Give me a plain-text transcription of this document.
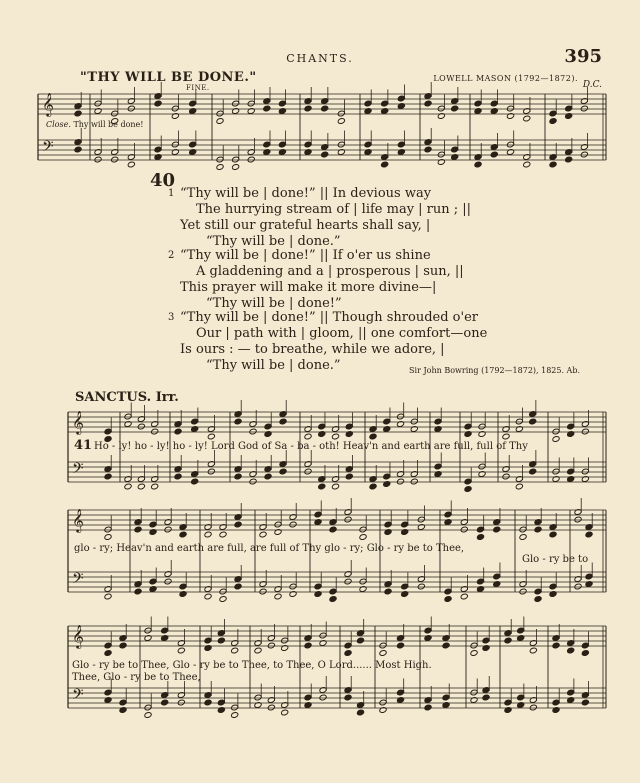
CHANTS.	395
"THY WILL BE DONE."	LOWELL MASON (1792—1872).
FINE.	D.C.
𝄞
𝄢
𝄞
𝄢
𝄞
𝄢
𝄞
𝄢
Close. Thy will be done!
40
1 “Thy will be | done!” || In devious way
The hurrying stream of | life may | run ; ||
Yet still our grateful hearts shall say, |
“Thy will be | done.”
2 “Thy will be | done!” || If o'er us shine
A gladdening and a | prosperous | sun, ||
This prayer will make it more divine—|
“Thy will be | done!”
3 “Thy will be | done!” || Though shrouded o'er
Our | path with | gloom, || one comfort—one
Is ours : — to breathe, while we adore, |
“Thy will be | done.”	Sir John Bowring (1792—1872), 1825. Ab.
SANCTUS. Irr.
41 Ho - ly! ho - ly! ho - ly! Lord God of Sa - ba - oth! Heav'n and earth are full, full of Thy
glo - ry; Heav'n and earth are full, are full of Thy glo - ry; Glo - ry be to Thee,
Glo - ry be to
Glo - ry be to Thee, Glo - ry be to Thee, to Thee, O Lord...... Most High.
Thee, Glo - ry be to Thee,
